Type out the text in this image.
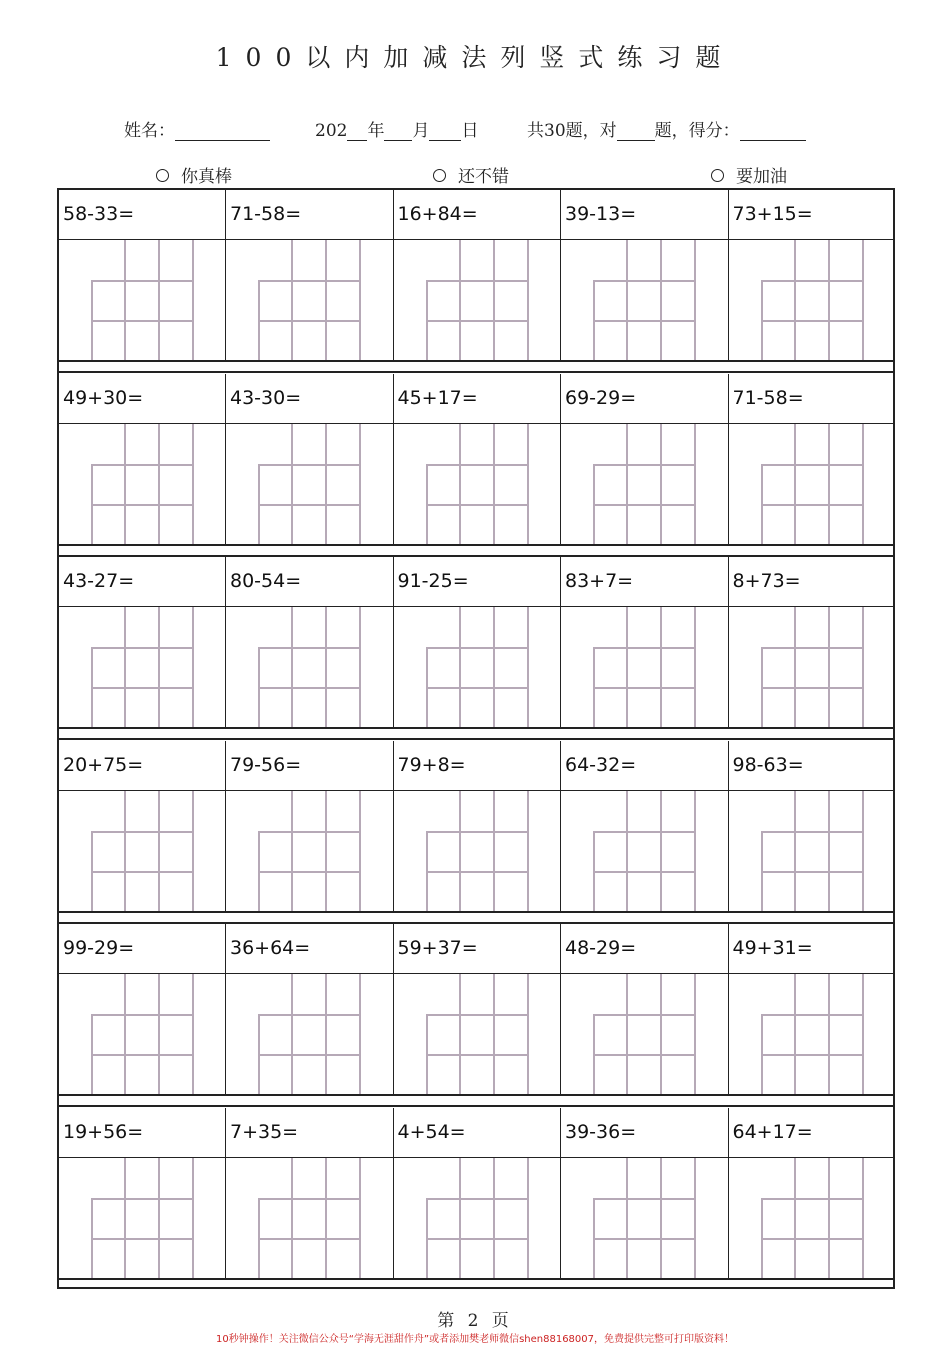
100以内加减法列竖式练习题
姓名：	202 年 月 日	共30题，对 题，得分：
你真棒	还不错	要加油
58-33=	71-58=	16+84=	39-13=	73+15=
49+30=	43-30=	45+17=	69-29=	71-58=
43-27=	80-54=	91-25=	83+7=	8+73=
20+75=	79-56=	79+8=	64-32=	98-63=
99-29=	36+64=	59+37=	48-29=	49+31=
19+56=	7+35=	4+54=	39-36=	64+17=
第 2 页
10秒钟操作！关注微信公众号“学海无涯甜作舟”或者添加樊老师微信shen88168007，免费提供完整可打印版资料！
